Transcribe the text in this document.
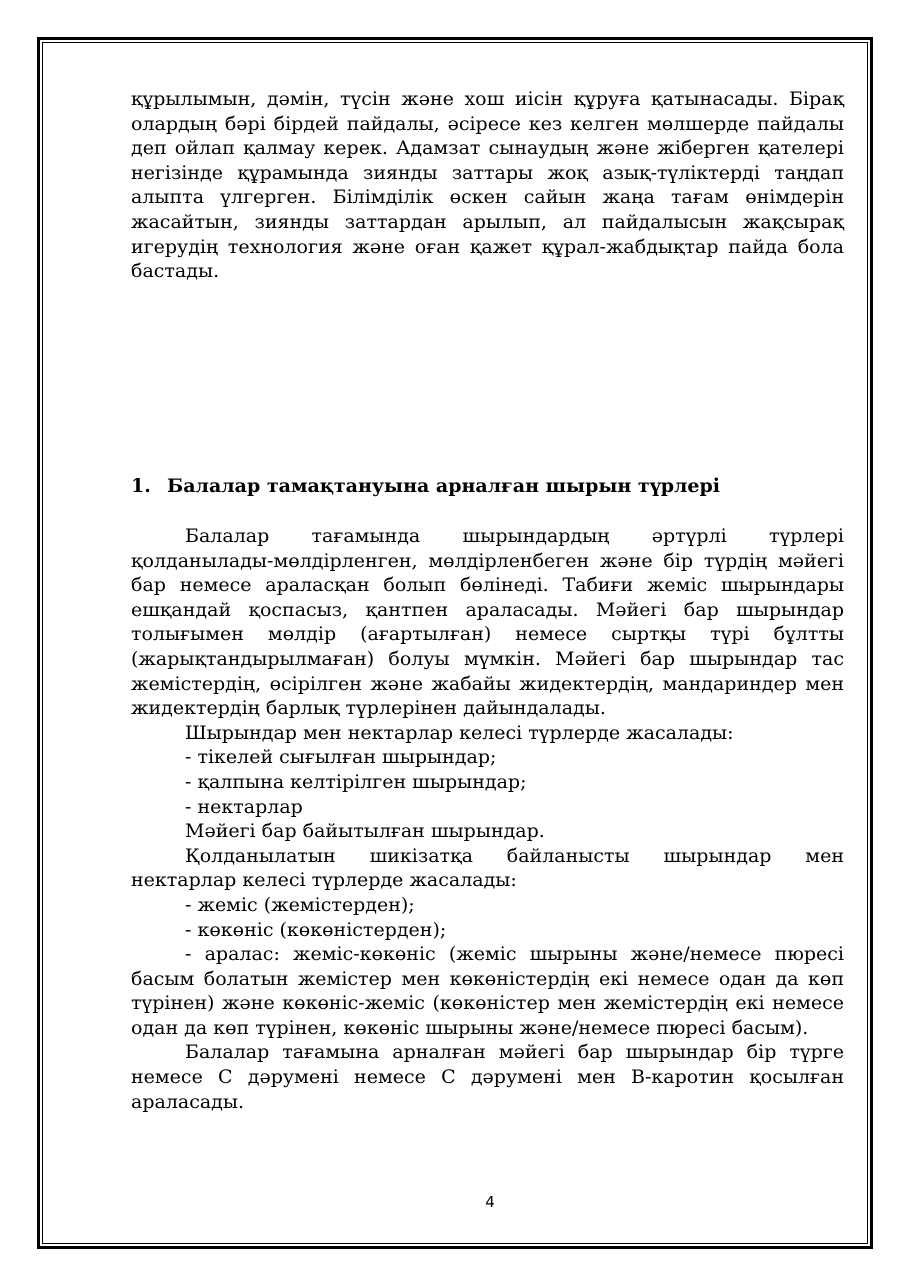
құрылымын, дәмін, түсін және хош иісін құруға қатынасады. Бірақ олардың бәрі бірдей пайдалы, әсіресе кез келген мөлшерде пайдалы деп ойлап қалмау керек. Адамзат сынаудың және жіберген қателері негізінде құрамында зиянды заттары жоқ азық-түліктерді таңдап алыпта үлгерген. Білімділік өскен сайын жаңа тағам өнімдерін жасайтын, зиянды заттардан арылып, ал пайдалысын жақсырақ игерудің технология және оған қажет құрал-жабдықтар пайда бола бастады.

1. Балалар тамақтануына арналған шырын түрлері

Балалар тағамында шырындардың әртүрлі түрлері қолданылады-мөлдірленген, мөлдірленбеген және бір түрдің мәйегі бар немесе араласқан болып бөлінеді. Табиғи жеміс шырындары ешқандай қоспасыз, қантпен араласады. Мәйегі бар шырындар толығымен мөлдір (ағартылған) немесе сыртқы түрі бұлтты (жарықтандырылмаған) болуы мүмкін. Мәйегі бар шырындар тас жемістердің, өсірілген және жабайы жидектердің, мандариндер мен жидектердің барлық түрлерінен дайындалады.

Шырындар мен нектарлар келесі түрлерде жасалады:

- тікелей сығылған шырындар;

- қалпына келтірілген шырындар;

- нектарлар

Мәйегі бар байытылған шырындар.

Қолданылатын шикізатқа байланысты шырындар мен нектарлар келесі түрлерде жасалады:

- жеміс (жемістерден);

- көкөніс (көкөністерден);

- аралас: жеміс-көкөніс (жеміс шырыны және/немесе пюресі басым болатын жемістер мен көкөністердің екі немесе одан да көп түрінен) және көкөніс-жеміс (көкөністер мен жемістердің екі немесе одан да көп түрінен, көкөніс шырыны және/немесе пюресі басым).

Балалар тағамына арналған мәйегі бар шырындар бір түрге немесе С дәрумені немесе С дәрумені мен В-каротин қосылған араласады.

4
